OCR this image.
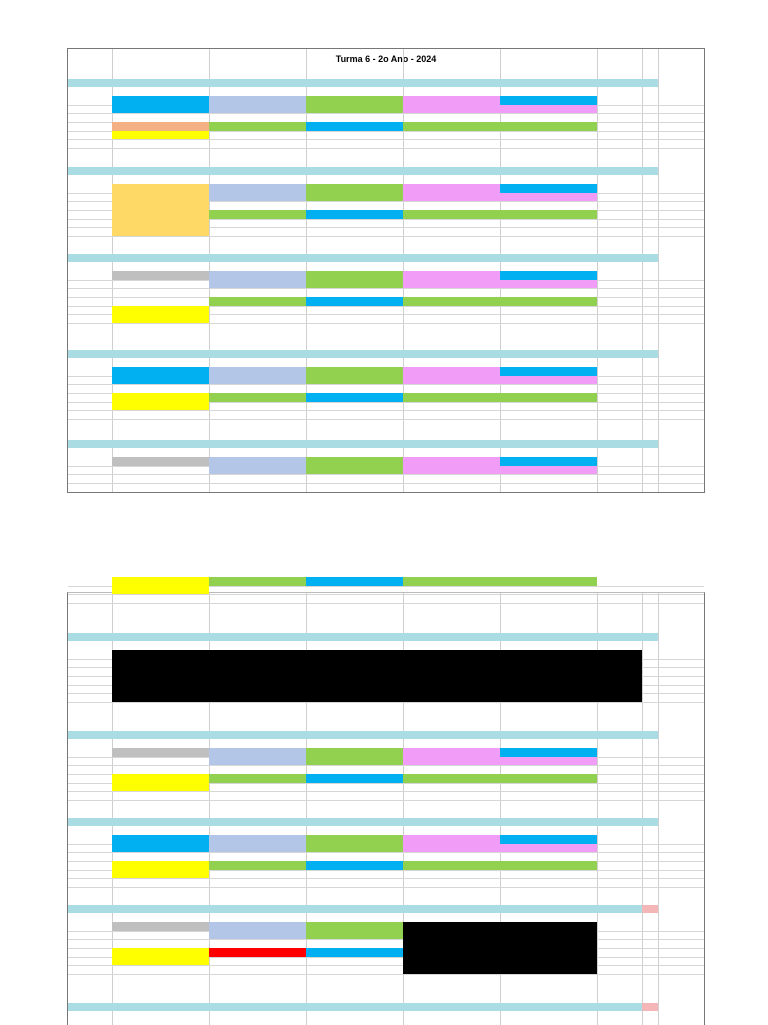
Turma 6 - 2o Ano - 2024
